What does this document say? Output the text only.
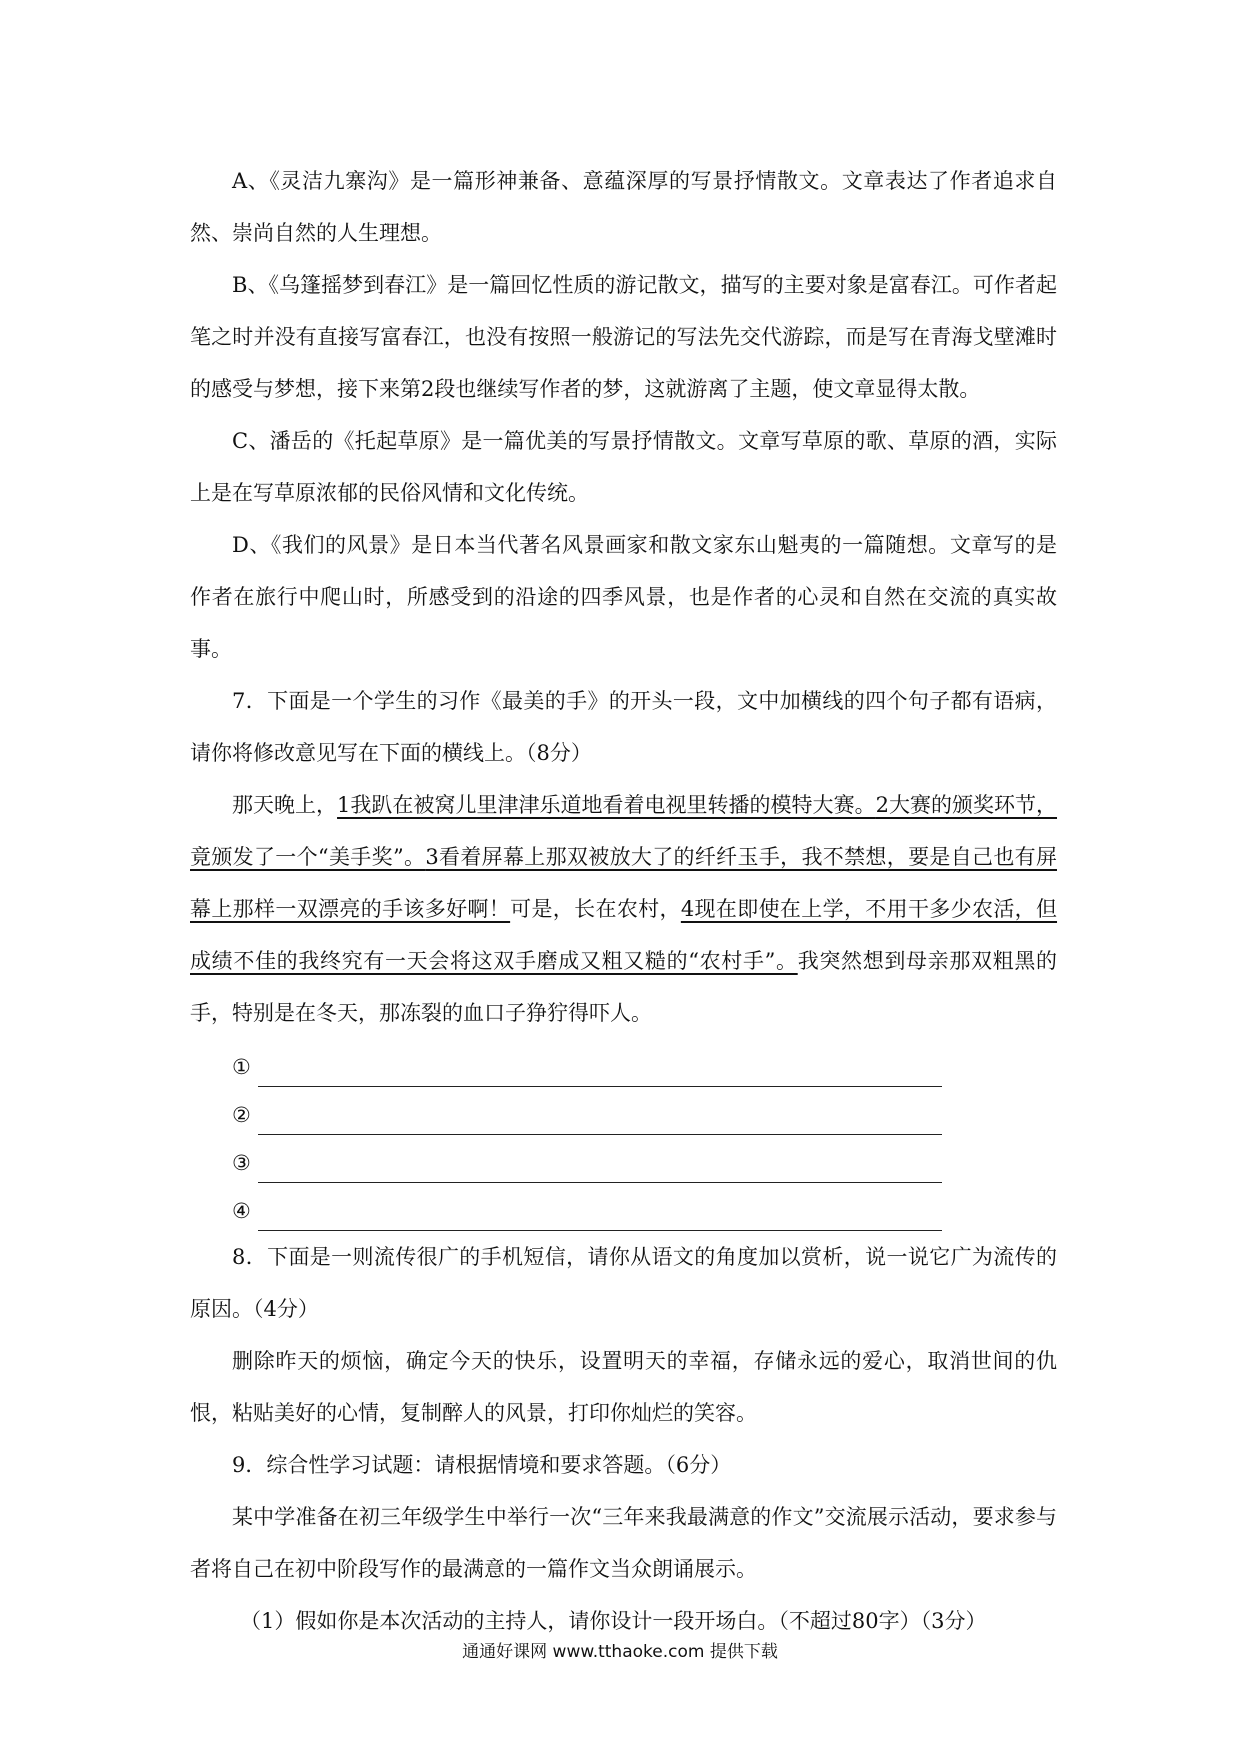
A、《灵洁九寨沟》是一篇形神兼备、意蕴深厚的写景抒情散文。文章表达了作者追求自然、崇尚自然的人生理想。

B、《乌篷摇梦到春江》是一篇回忆性质的游记散文，描写的主要对象是富春江。可作者起笔之时并没有直接写富春江，也没有按照一般游记的写法先交代游踪，而是写在青海戈壁滩时的感受与梦想，接下来第2段也继续写作者的梦，这就游离了主题，使文章显得太散。

C、潘岳的《托起草原》是一篇优美的写景抒情散文。文章写草原的歌、草原的酒，实际上是在写草原浓郁的民俗风情和文化传统。

D、《我们的风景》是日本当代著名风景画家和散文家东山魁夷的一篇随想。文章写的是作者在旅行中爬山时，所感受到的沿途的四季风景，也是作者的心灵和自然在交流的真实故事。

7．下面是一个学生的习作《最美的手》的开头一段，文中加横线的四个句子都有语病，请你将修改意见写在下面的横线上。（8分）

那天晚上，1我趴在被窝儿里津津乐道地看着电视里转播的模特大赛。2大赛的颁奖环节，竟颁发了一个“美手奖”。3看着屏幕上那双被放大了的纤纤玉手，我不禁想，要是自己也有屏幕上那样一双漂亮的手该多好啊！可是，长在农村，4现在即使在上学，不用干多少农活，但成绩不佳的我终究有一天会将这双手磨成又粗又糙的“农村手”。我突然想到母亲那双粗黑的手，特别是在冬天，那冻裂的血口子狰狞得吓人。

①
②
③
④

8．下面是一则流传很广的手机短信，请你从语文的角度加以赏析，说一说它广为流传的原因。（4分）

删除昨天的烦恼，确定今天的快乐，设置明天的幸福，存储永远的爱心，取消世间的仇恨，粘贴美好的心情，复制醉人的风景，打印你灿烂的笑容。

9．综合性学习试题：请根据情境和要求答题。（6分）

某中学准备在初三年级学生中举行一次“三年来我最满意的作文”交流展示活动，要求参与者将自己在初中阶段写作的最满意的一篇作文当众朗诵展示。

（1）假如你是本次活动的主持人，请你设计一段开场白。（不超过80字）（3分）

通通好课网 www.tthaoke.com 提供下载
